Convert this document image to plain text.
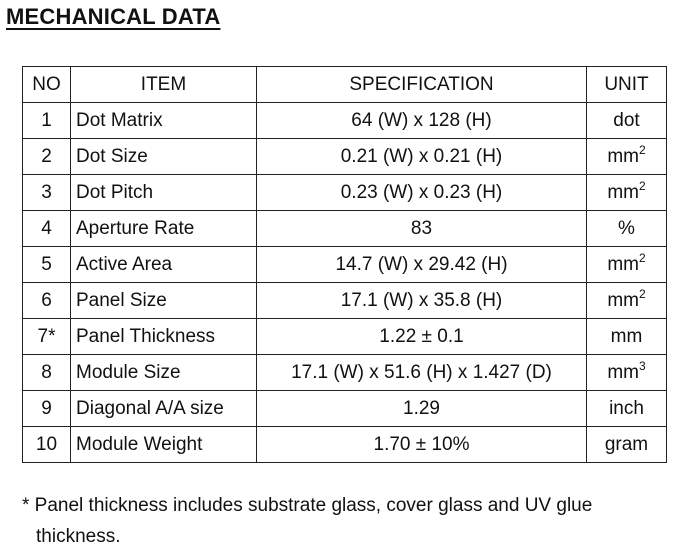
MECHANICAL DATA
NO	ITEM	SPECIFICATION	UNIT
1	Dot Matrix	64 (W) x 128 (H)	dot
2	Dot Size	0.21 (W) x 0.21 (H)	$mm^2$
3	Dot Pitch	0.23 (W) x 0.23 (H)	$mm^2$
4	Aperture Rate	83	%
5	Active Area	14.7 (W) x 29.42 (H)	$mm^2$
6	Panel Size	17.1 (W) x 35.8 (H)	$mm^2$
7*	Panel Thickness	1.22 ± 0.1	mm
8	Module Size	17.1 (W) x 51.6 (H) x 1.427 (D)	$mm^3$
9	Diagonal A/A size	1.29	inch
10	Module Weight	1.70 ± 10%	gram
* Panel thickness includes substrate glass, cover glass and UV glue
thickness.
